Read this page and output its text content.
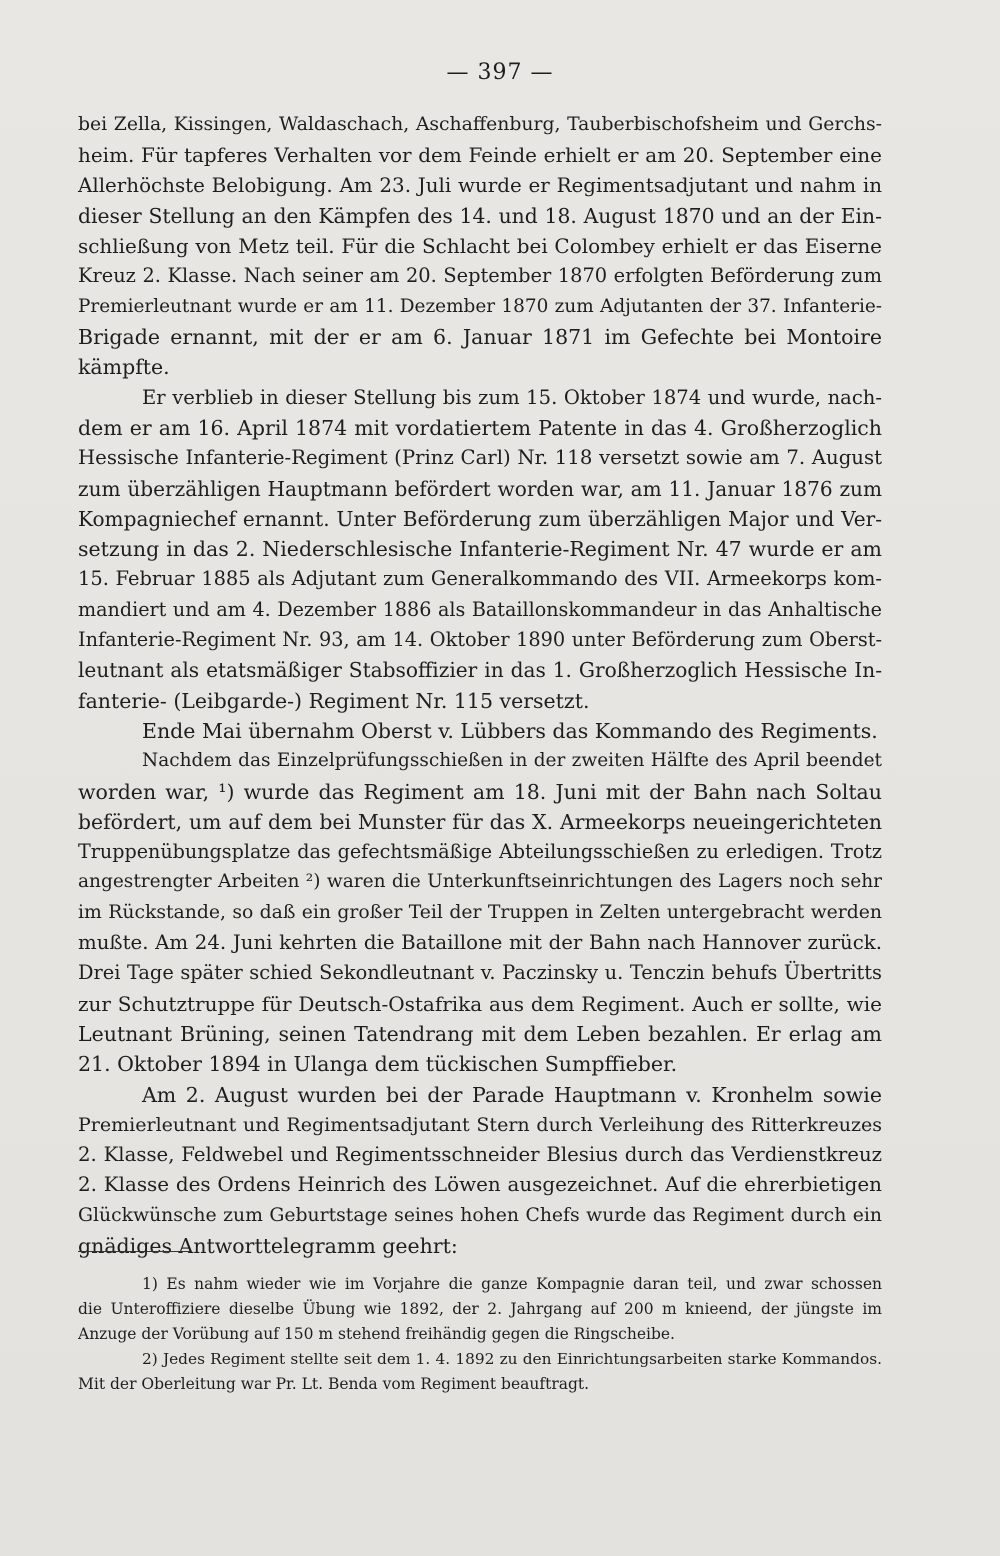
— 397 —
bei Zella, Kissingen, Waldaschach, Aschaffenburg, Tauberbischofsheim und Gerchs-
heim. Für tapferes Verhalten vor dem Feinde erhielt er am 20. September eine
Allerhöchste Belobigung. Am 23. Juli wurde er Regimentsadjutant und nahm in
dieser Stellung an den Kämpfen des 14. und 18. August 1870 und an der Ein-
schließung von Metz teil. Für die Schlacht bei Colombey erhielt er das Eiserne
Kreuz 2. Klasse. Nach seiner am 20. September 1870 erfolgten Beförderung zum
Premierleutnant wurde er am 11. Dezember 1870 zum Adjutanten der 37. Infanterie-
Brigade ernannt, mit der er am 6. Januar 1871 im Gefechte bei Montoire
kämpfte.
Er verblieb in dieser Stellung bis zum 15. Oktober 1874 und wurde, nach-
dem er am 16. April 1874 mit vordatiertem Patente in das 4. Großherzoglich
Hessische Infanterie-Regiment (Prinz Carl) Nr. 118 versetzt sowie am 7. August
zum überzähligen Hauptmann befördert worden war, am 11. Januar 1876 zum
Kompagniechef ernannt. Unter Beförderung zum überzähligen Major und Ver-
setzung in das 2. Niederschlesische Infanterie-Regiment Nr. 47 wurde er am
15. Februar 1885 als Adjutant zum Generalkommando des VII. Armeekorps kom-
mandiert und am 4. Dezember 1886 als Bataillonskommandeur in das Anhaltische
Infanterie-Regiment Nr. 93, am 14. Oktober 1890 unter Beförderung zum Oberst-
leutnant als etatsmäßiger Stabsoffizier in das 1. Großherzoglich Hessische In-
fanterie- (Leibgarde-) Regiment Nr. 115 versetzt.
Ende Mai übernahm Oberst v. Lübbers das Kommando des Regiments.
Nachdem das Einzelprüfungsschießen in der zweiten Hälfte des April beendet
worden war, ¹) wurde das Regiment am 18. Juni mit der Bahn nach Soltau
befördert, um auf dem bei Munster für das X. Armeekorps neueingerichteten
Truppenübungsplatze das gefechtsmäßige Abteilungsschießen zu erledigen. Trotz
angestrengter Arbeiten ²) waren die Unterkunftseinrichtungen des Lagers noch sehr
im Rückstande, so daß ein großer Teil der Truppen in Zelten untergebracht werden
mußte. Am 24. Juni kehrten die Bataillone mit der Bahn nach Hannover zurück.
Drei Tage später schied Sekondleutnant v. Paczinsky u. Tenczin behufs Übertritts
zur Schutztruppe für Deutsch-Ostafrika aus dem Regiment. Auch er sollte, wie
Leutnant Brüning, seinen Tatendrang mit dem Leben bezahlen. Er erlag am
21. Oktober 1894 in Ulanga dem tückischen Sumpffieber.
Am 2. August wurden bei der Parade Hauptmann v. Kronhelm sowie
Premierleutnant und Regimentsadjutant Stern durch Verleihung des Ritterkreuzes
2. Klasse, Feldwebel und Regimentsschneider Blesius durch das Verdienstkreuz
2. Klasse des Ordens Heinrich des Löwen ausgezeichnet. Auf die ehrerbietigen
Glückwünsche zum Geburtstage seines hohen Chefs wurde das Regiment durch ein
gnädiges Antworttelegramm geehrt:
1) Es nahm wieder wie im Vorjahre die ganze Kompagnie daran teil, und zwar schossen
die Unteroffiziere dieselbe Übung wie 1892, der 2. Jahrgang auf 200 m knieend, der jüngste im
Anzuge der Vorübung auf 150 m stehend freihändig gegen die Ringscheibe.
2) Jedes Regiment stellte seit dem 1. 4. 1892 zu den Einrichtungsarbeiten starke Kommandos.
Mit der Oberleitung war Pr. Lt. Benda vom Regiment beauftragt.
